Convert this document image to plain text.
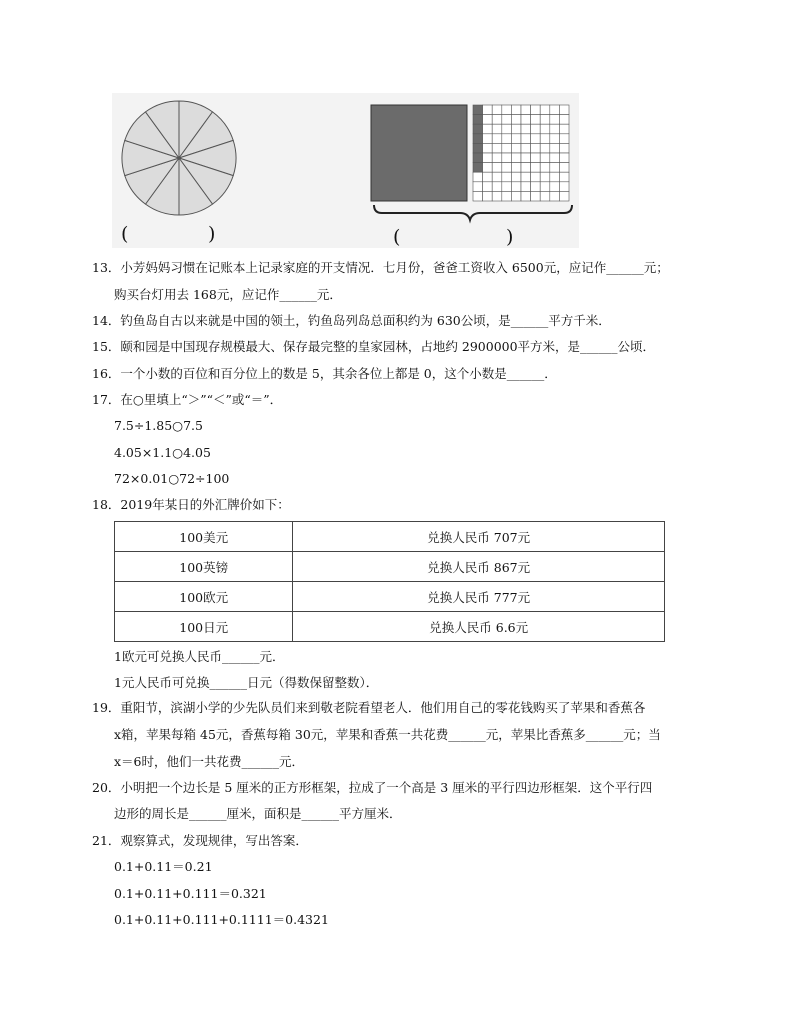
(	)	(	)
13．小芳妈妈习惯在记账本上记录家庭的开支情况．七月份，爸爸工资收入 6500元，应记作______元；
购买台灯用去 168元，应记作______元．
14．钓鱼岛自古以来就是中国的领土，钓鱼岛列岛总面积约为 630公顷，是______平方千米．
15．颐和园是中国现存规模最大、保存最完整的皇家园林，占地约 2900000平方米，是______公顷．
16．一个小数的百位和百分位上的数是 5，其余各位上都是 0，这个小数是______．
17．在○里填上“＞”“＜”或“＝”．
7.5÷1.85○7.5
4.05×1.1○4.05
72×0.01○72÷100
18．2019年某日的外汇牌价如下：
100美元	兑换人民币 707元
100英镑	兑换人民币 867元
100欧元	兑换人民币 777元
100日元	兑换人民币 6.6元
1欧元可兑换人民币______元．
1元人民币可兑换______日元（得数保留整数）．
19．重阳节，滨湖小学的少先队员们来到敬老院看望老人．他们用自己的零花钱购买了苹果和香蕉各
x箱，苹果每箱 45元，香蕉每箱 30元，苹果和香蕉一共花费______元，苹果比香蕉多______元；当
x＝6时，他们一共花费______元．
20．小明把一个边长是 5 厘米的正方形框架，拉成了一个高是 3 厘米的平行四边形框架．这个平行四
边形的周长是______厘米，面积是______平方厘米．
21．观察算式，发现规律，写出答案．
0.1+0.11＝0.21
0.1+0.11+0.111＝0.321
0.1+0.11+0.111+0.1111＝0.4321
